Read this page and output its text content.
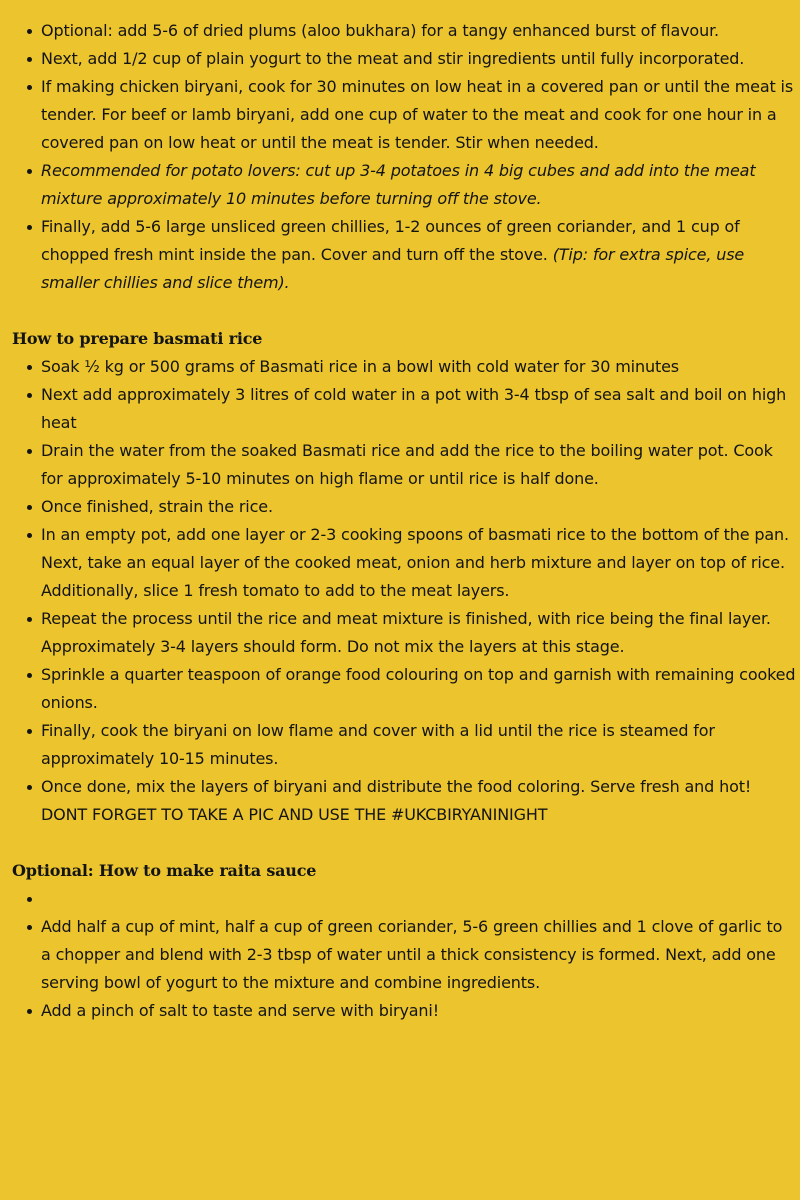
Optional: add 5-6 of dried plums (aloo bukhara) for a tangy enhanced burst of flavour.
Next, add 1/2 cup of plain yogurt to the meat and stir ingredients until fully incorporated.
If making chicken biryani, cook for 30 minutes on low heat in a covered pan or until the meat is tender. For beef or lamb biryani, add one cup of water to the meat and cook for one hour in a covered pan on low heat or until the meat is tender. Stir when needed.
Recommended for potato lovers: cut up 3-4 potatoes in 4 big cubes and add into the meat mixture approximately 10 minutes before turning off the stove.
Finally, add 5-6 large unsliced green chillies, 1-2 ounces of green coriander, and 1 cup of chopped fresh mint inside the pan. Cover and turn off the stove. (Tip: for extra spice, use smaller chillies and slice them).
How to prepare basmati rice
Soak ½ kg or 500 grams of Basmati rice in a bowl with cold water for 30 minutes
Next add approximately 3 litres of cold water in a pot with 3-4 tbsp of sea salt and boil on high heat
Drain the water from the soaked Basmati rice and add the rice to the boiling water pot. Cook for approximately 5-10 minutes on high flame or until rice is half done.
Once finished, strain the rice.
In an empty pot, add one layer or 2-3 cooking spoons of basmati rice to the bottom of the pan. Next, take an equal layer of the cooked meat, onion and herb mixture and layer on top of rice. Additionally, slice 1 fresh tomato to add to the meat layers.
Repeat the process until the rice and meat mixture is finished, with rice being the final layer. Approximately 3-4 layers should form. Do not mix the layers at this stage.
Sprinkle a quarter teaspoon of orange food colouring on top and garnish with remaining cooked onions.
Finally, cook the biryani on low flame and cover with a lid until the rice is steamed for approximately 10-15 minutes.
Once done, mix the layers of biryani and distribute the food coloring. Serve fresh and hot! DONT FORGET TO TAKE A PIC AND USE THE #UKCBIRYANINIGHT
Optional: How to make raita sauce
Add half a cup of mint, half a cup of green coriander, 5-6 green chillies and 1 clove of garlic to a chopper and blend with 2-3 tbsp of water until a thick consistency is formed. Next, add one serving bowl of yogurt to the mixture and combine ingredients.
Add a pinch of salt to taste and serve with biryani!
